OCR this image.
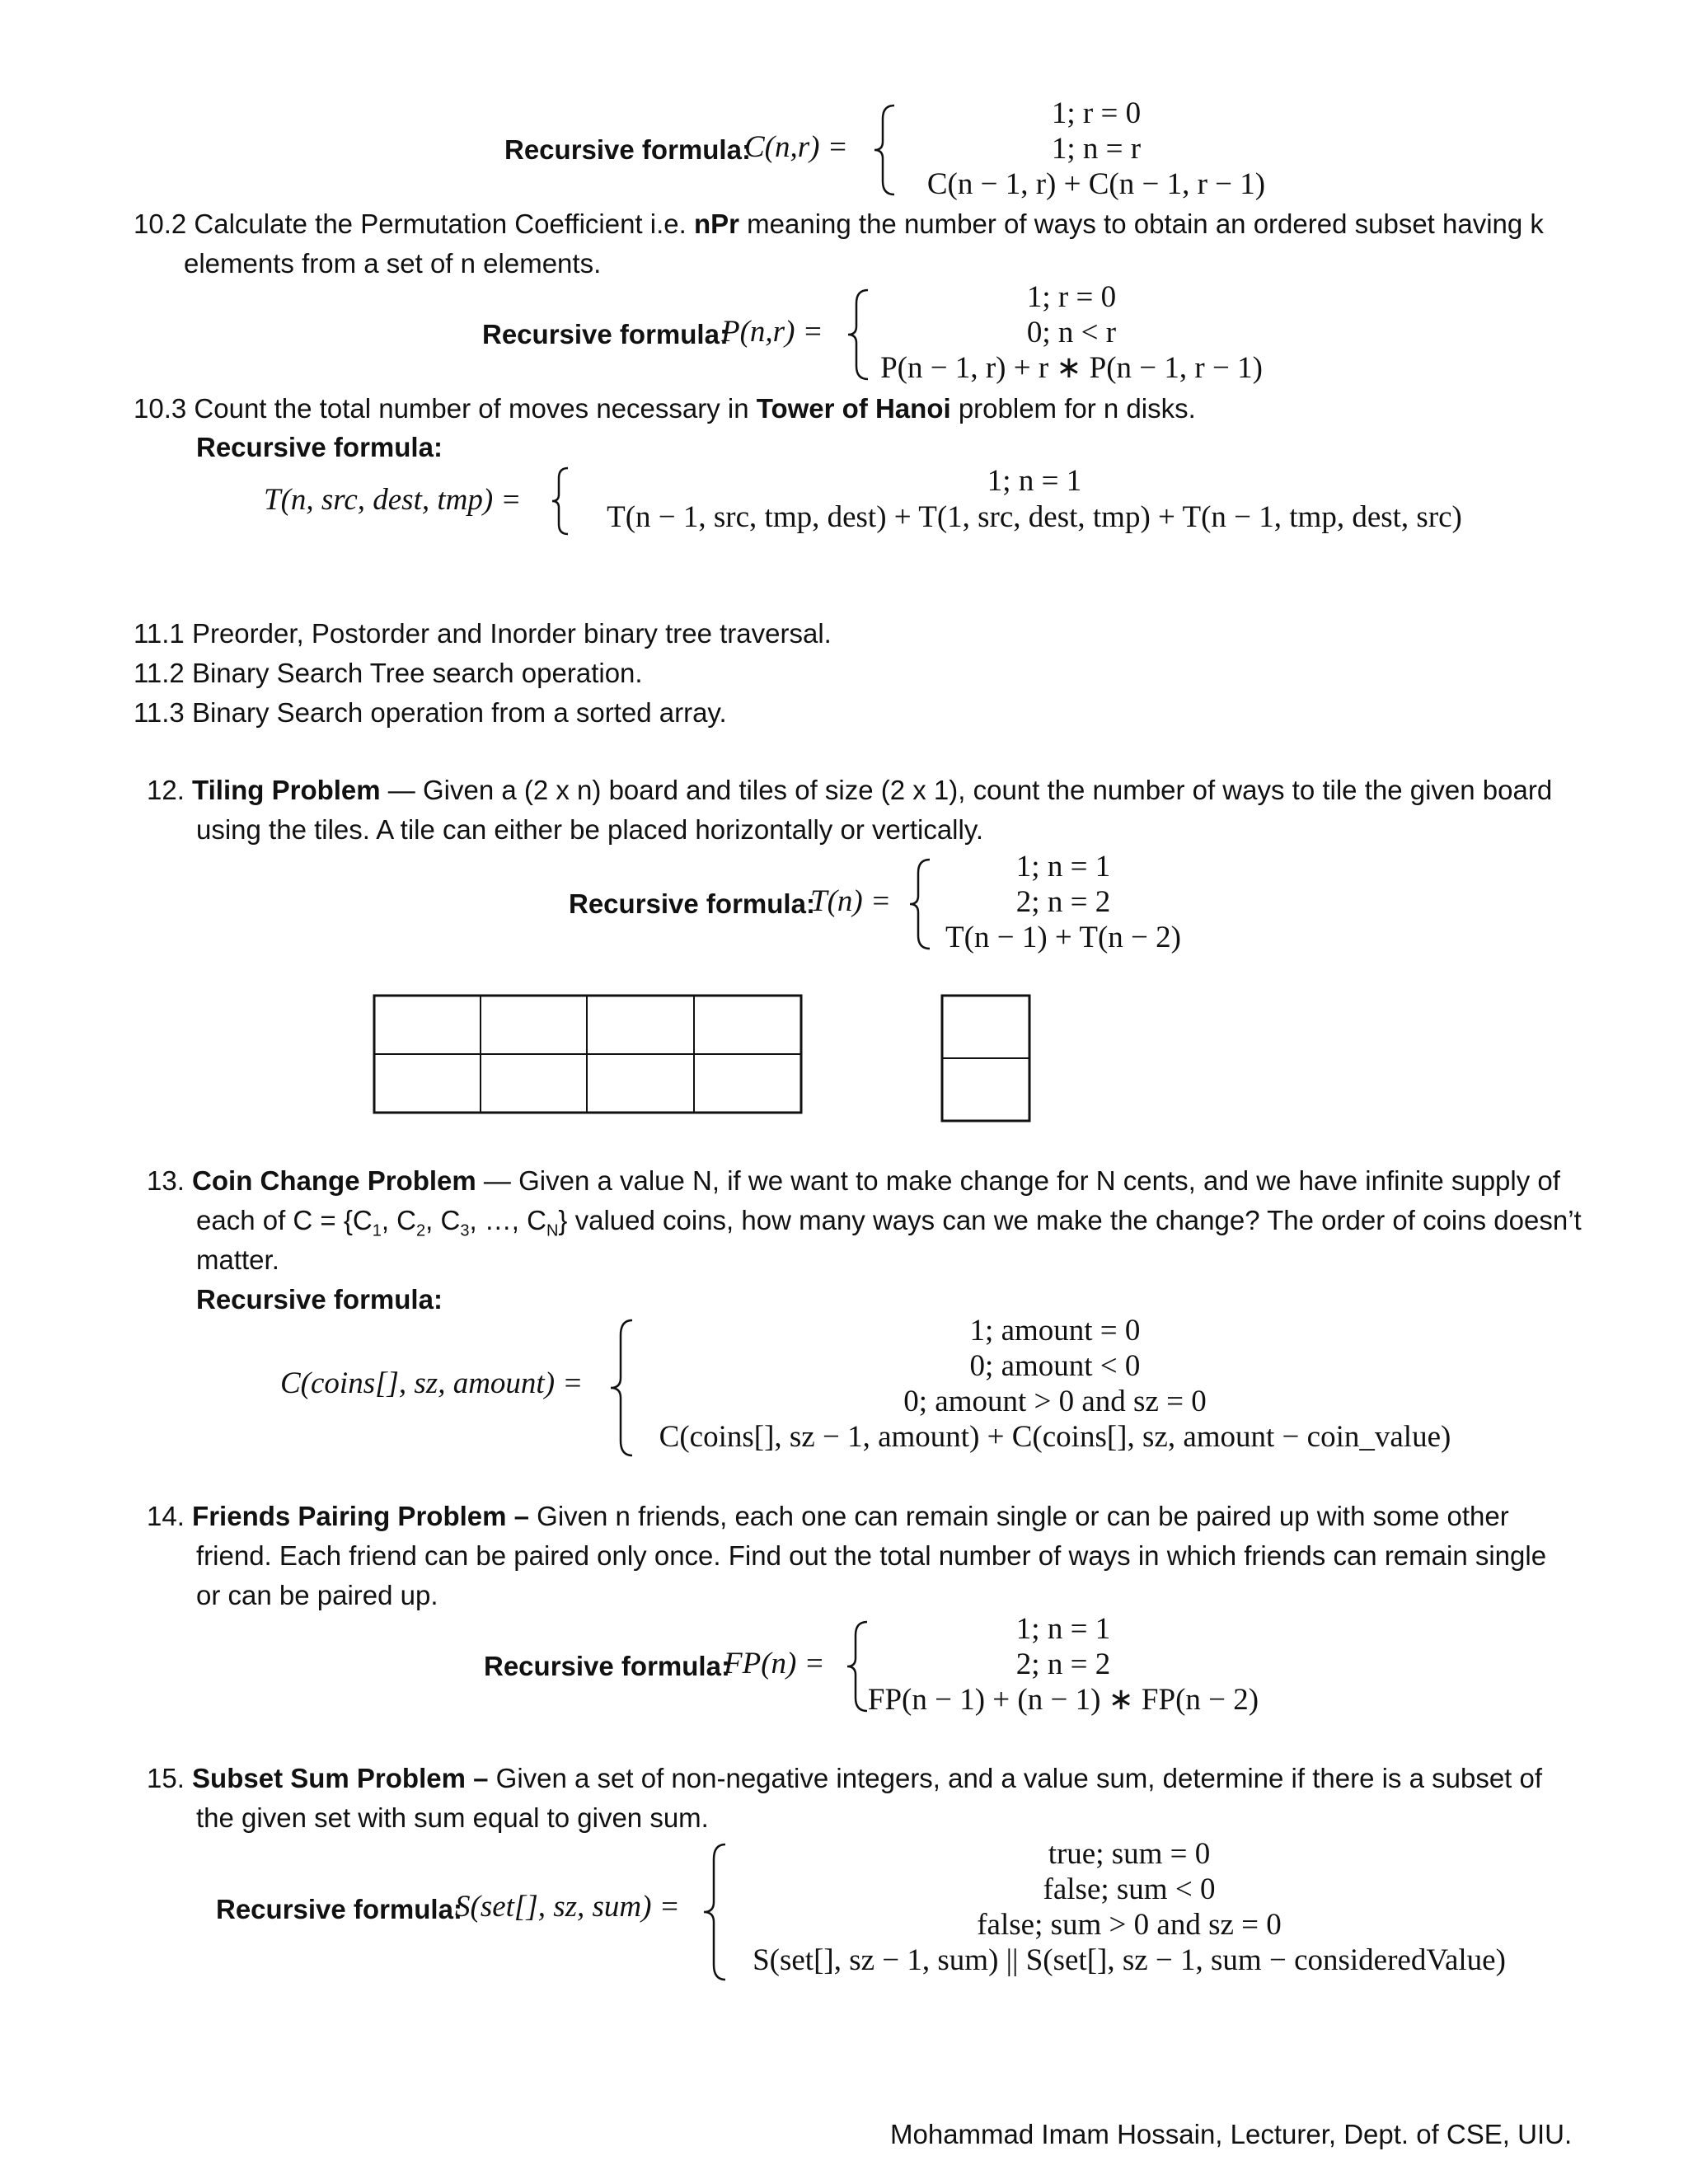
Recursive formula:
C(n,r) =
1; r = 0
1; n = r
C(n − 1, r) + C(n − 1, r − 1)
10.2 Calculate the Permutation Coefficient i.e. nPr meaning the number of ways to obtain an ordered subset having k
elements from a set of n elements.
Recursive formula:
P(n,r) =
1; r = 0
0; n < r
P(n − 1, r) + r ∗ P(n − 1, r − 1)
10.3 Count the total number of moves necessary in Tower of Hanoi problem for n disks.
Recursive formula:
T(n, src, dest, tmp) =
1; n = 1
T(n − 1, src, tmp, dest) + T(1, src, dest, tmp) + T(n − 1, tmp, dest, src)
11.1 Preorder, Postorder and Inorder binary tree traversal.
11.2 Binary Search Tree search operation.
11.3 Binary Search operation from a sorted array.
12. Tiling Problem — Given a (2 x n) board and tiles of size (2 x 1), count the number of ways to tile the given board
using the tiles. A tile can either be placed horizontally or vertically.
Recursive formula:
T(n) =
1; n = 1
2; n = 2
T(n − 1) + T(n − 2)
13. Coin Change Problem — Given a value N, if we want to make change for N cents, and we have infinite supply of
each of $C = \{C_1$, $C_2$, $C_3$, …, $C_N$} valued coins, how many ways can we make the change? The order of coins doesn’t
matter.
Recursive formula:
C(coins[], sz, amount) =
1; amount = 0
0; amount < 0
0; amount > 0 and sz = 0
C(coins[], sz − 1, amount) + C(coins[], sz, amount − coin_value)
14. Friends Pairing Problem – Given n friends, each one can remain single or can be paired up with some other
friend. Each friend can be paired only once. Find out the total number of ways in which friends can remain single
or can be paired up.
Recursive formula:
FP(n) =
1; n = 1
2; n = 2
FP(n − 1) + (n − 1) ∗ FP(n − 2)
15. Subset Sum Problem – Given a set of non-negative integers, and a value sum, determine if there is a subset of
the given set with sum equal to given sum.
Recursive formula:
S(set[], sz, sum) =
true; sum = 0
false; sum < 0
false; sum > 0 and sz = 0
S(set[], sz − 1, sum) || S(set[], sz − 1, sum − consideredValue)
Mohammad Imam Hossain, Lecturer, Dept. of CSE, UIU.
